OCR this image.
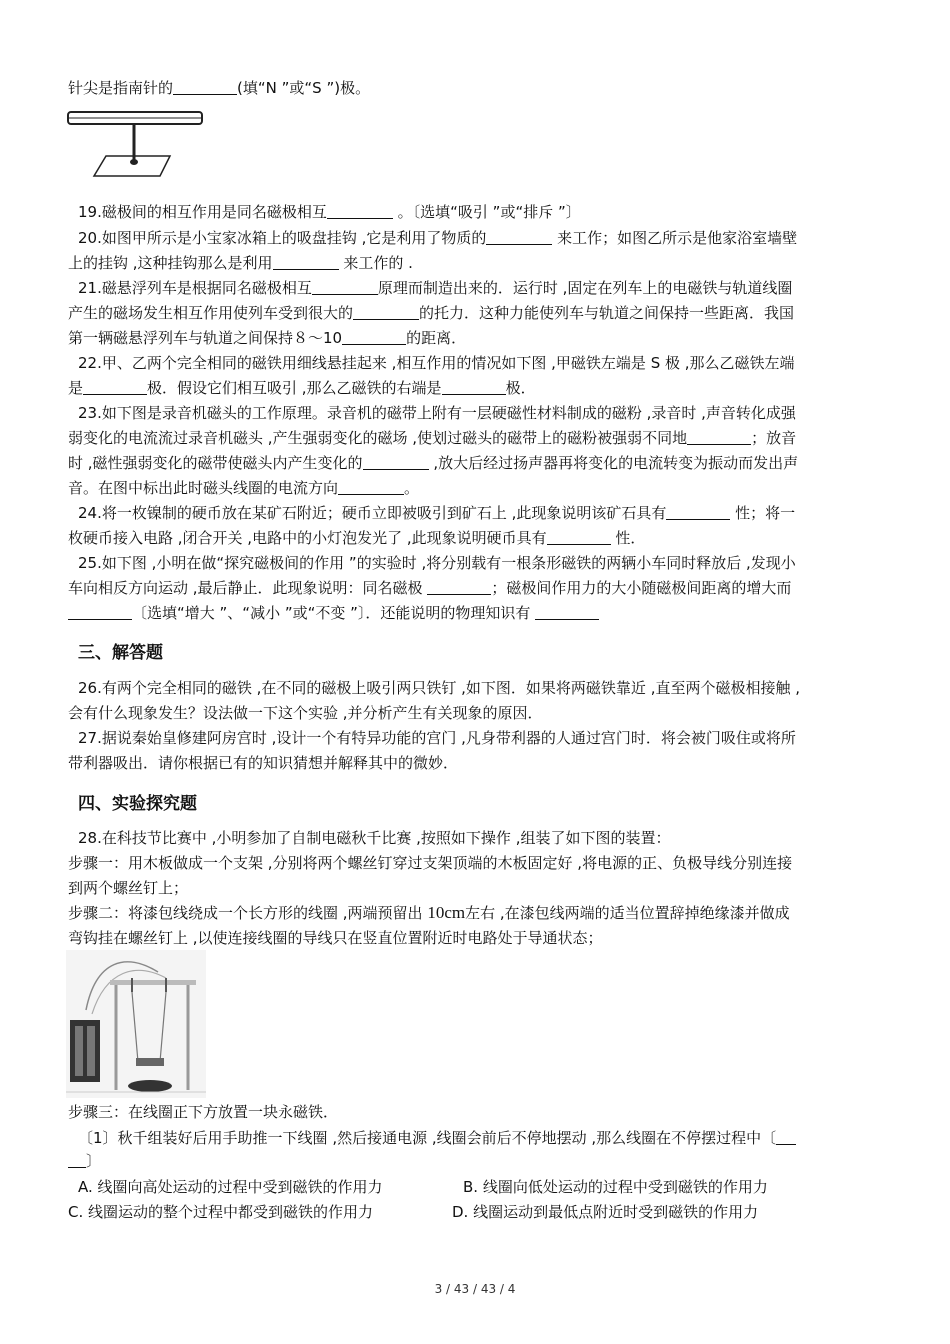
针尖是指南针的	(填“N ”或“S ”)极。
19.磁极间的相互作用是同名磁极相互	。〔选填“吸引 ”或“排斥 ”〕
20.如图甲所示是小宝家冰箱上的吸盘挂钩 ,它是利用了物质的	来工作；如图乙所示是他家浴室墙壁
上的挂钩 ,这种挂钩那么是利用	来工作的 .
21.磁悬浮列车是根据同名磁极相互	原理而制造出来的．运行时 ,固定在列车上的电磁铁与轨道线圈
产生的磁场发生相互作用使列车受到很大的	的托力．这种力能使列车与轨道之间保持一些距离．我国
第一辆磁悬浮列车与轨道之间保持８～10	的距离．
22.甲、乙两个完全相同的磁铁用细线悬挂起来 ,相互作用的情况如下图 ,甲磁铁左端是 S 极 ,那么乙磁铁左端
是	极．假设它们相互吸引 ,那么乙磁铁的右端是	极．
23.如下图是录音机磁头的工作原理。录音机的磁带上附有一层硬磁性材料制成的磁粉 ,录音时 ,声音转化成强
弱变化的电流流过录音机磁头 ,产生强弱变化的磁场 ,使划过磁头的磁带上的磁粉被强弱不同地	；放音
时 ,磁性强弱变化的磁带使磁头内产生变化的	,放大后经过扬声器再将变化的电流转变为振动而发出声
音。在图中标出此时磁头线圈的电流方向	。
24.将一枚镍制的硬币放在某矿石附近；硬币立即被吸引到矿石上 ,此现象说明该矿石具有	性；将一
枚硬币接入电路 ,闭合开关 ,电路中的小灯泡发光了 ,此现象说明硬币具有	性．
25.如下图 ,小明在做“探究磁极间的作用 ”的实验时 ,将分别载有一根条形磁铁的两辆小车同时释放后 ,发现小
车向相反方向运动 ,最后静止．此现象说明：同名磁极	；磁极间作用力的大小随磁极间距离的增大而
〔选填“增大 ”、“减小 ”或“不变 ”〕．还能说明的物理知识有
三、解答题
26.有两个完全相同的磁铁 ,在不同的磁极上吸引两只铁钉 ,如下图．如果将两磁铁靠近 ,直至两个磁极相接触 ,
会有什么现象发生？设法做一下这个实验 ,并分析产生有关现象的原因．
27.据说秦始皇修建阿房宫时 ,设计一个有特异功能的宫门 ,凡身带利器的人通过宫门时．将会被门吸住或将所
带利器吸出．请你根据已有的知识猜想并解释其中的微妙．
四、实验探究题
28.在科技节比赛中 ,小明参加了自制电磁秋千比赛 ,按照如下操作 ,组装了如下图的装置：
步骤一：用木板做成一个支架 ,分别将两个螺丝钉穿过支架顶端的木板固定好 ,将电源的正、负极导线分别连接
到两个螺丝钉上；
步骤二：将漆包线绕成一个长方形的线圈 ,两端预留出 10cm左右 ,在漆包线两端的适当位置辞掉绝缘漆并做成
弯钩挂在螺丝钉上 ,以使连接线圈的导线只在竖直位置附近时电路处于导通状态；
步骤三：在线圈正下方放置一块永磁铁．
〔1〕秋千组装好后用手助推一下线圈 ,然后接通电源 ,线圈会前后不停地摆动 ,那么线圈在不停摆过程中〔
〕
A. 线圈向高处运动的过程中受到磁铁的作用力	B. 线圈向低处运动的过程中受到磁铁的作用力
C. 线圈运动的整个过程中都受到磁铁的作用力	D. 线圈运动到最低点附近时受到磁铁的作用力
3 / 43 / 43 / 4
